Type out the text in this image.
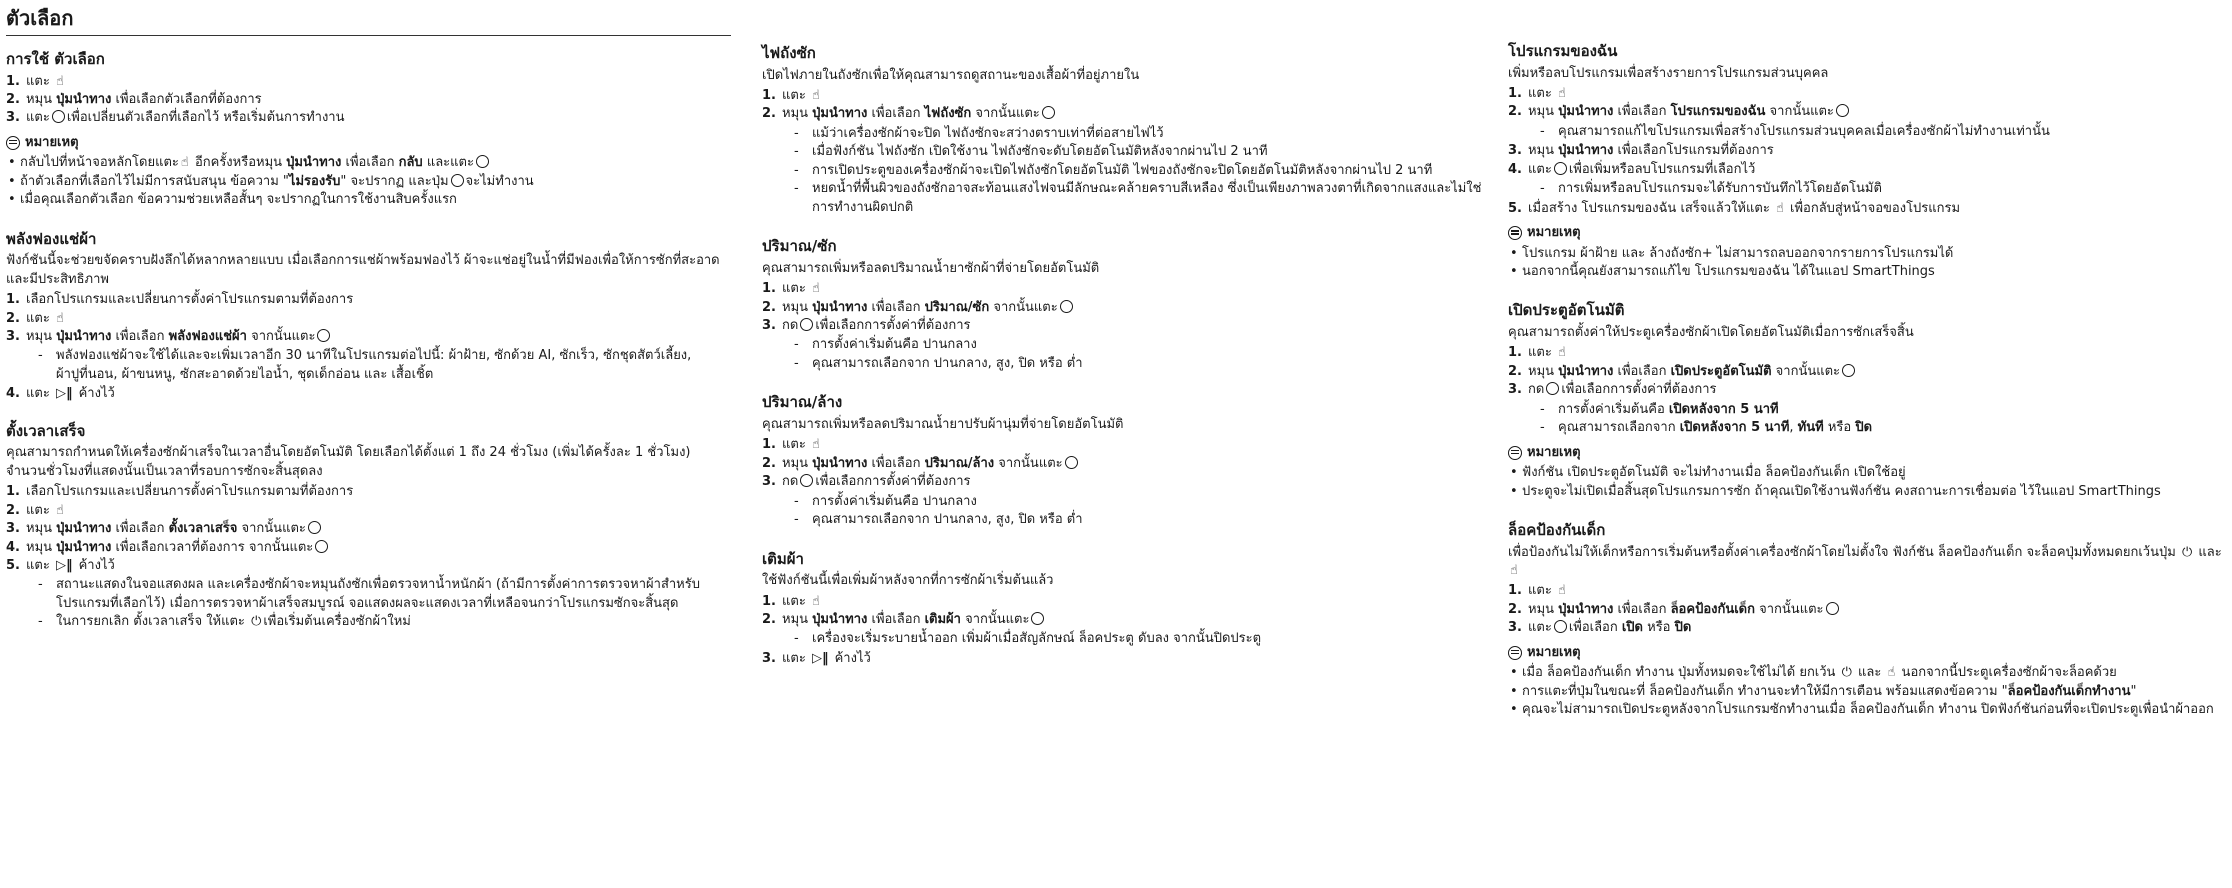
ตัวเลือก
การใช้ ตัวเลือก
1. แตะ ☝
2. หมุน ปุ่มนำทาง เพื่อเลือกตัวเลือกที่ต้องการ
3. แตะ เพื่อเปลี่ยนตัวเลือกที่เลือกไว้ หรือเริ่มต้นการทำงาน
หมายเหตุ
• กลับไปที่หน้าจอหลักโดยแตะ ☝ อีกครั้งหรือหมุน ปุ่มนำทาง เพื่อเลือก กลับ และแตะ
• ถ้าตัวเลือกที่เลือกไว้ไม่มีการสนับสนุน ข้อความ "ไม่รองรับ" จะปรากฏ และปุ่ม จะไม่ทำงาน
• เมื่อคุณเลือกตัวเลือก ข้อความช่วยเหลือสั้นๆ จะปรากฏในการใช้งานสิบครั้งแรก
พลังฟองแช่ผ้า

ฟังก์ชันนี้จะช่วยขจัดคราบฝังลึกได้หลากหลายแบบ เมื่อเลือกการแช่ผ้าพร้อมฟองไว้ ผ้าจะแช่อยู่ในน้ำที่มีฟองเพื่อให้การซักที่สะอาดและมีประสิทธิภาพ

1. เลือกโปรแกรมและเปลี่ยนการตั้งค่าโปรแกรมตามที่ต้องการ
2. แตะ ☝
3. หมุน ปุ่มนำทาง เพื่อเลือก พลังฟองแช่ผ้า จากนั้นแตะ
- พลังฟองแช่ผ้าจะใช้ได้และจะเพิ่มเวลาอีก 30 นาทีในโปรแกรมต่อไปนี้: ผ้าฝ้าย, ซักด้วย AI, ซักเร็ว, ซักชุดสัตว์เลี้ยง, ผ้าปูที่นอน, ผ้าขนหนู, ซักสะอาดด้วยไอน้ำ, ชุดเด็กอ่อน และ เสื้อเชิ้ต
4. แตะ ▷‖ ค้างไว้
ตั้งเวลาเสร็จ

คุณสามารถกำหนดให้เครื่องซักผ้าเสร็จในเวลาอื่นโดยอัตโนมัติ โดยเลือกได้ตั้งแต่ 1 ถึง 24 ชั่วโมง (เพิ่มได้ครั้งละ 1 ชั่วโมง) จำนวนชั่วโมงที่แสดงนั้นเป็นเวลาที่รอบการซักจะสิ้นสุดลง

1. เลือกโปรแกรมและเปลี่ยนการตั้งค่าโปรแกรมตามที่ต้องการ
2. แตะ ☝
3. หมุน ปุ่มนำทาง เพื่อเลือก ตั้งเวลาเสร็จ จากนั้นแตะ
4. หมุน ปุ่มนำทาง เพื่อเลือกเวลาที่ต้องการ จากนั้นแตะ
5. แตะ ▷‖ ค้างไว้
- สถานะแสดงในจอแสดงผล และเครื่องซักผ้าจะหมุนถังซักเพื่อตรวจหาน้ำหนักผ้า (ถ้ามีการตั้งค่าการตรวจหาผ้าสำหรับโปรแกรมที่เลือกไว้) เมื่อการตรวจหาผ้าเสร็จสมบูรณ์ จอแสดงผลจะแสดงเวลาที่เหลือจนกว่าโปรแกรมซักจะสิ้นสุด
- ในการยกเลิก ตั้งเวลาเสร็จ ให้แตะ ⏻ เพื่อเริ่มต้นเครื่องซักผ้าใหม่
ไฟถังซัก

เปิดไฟภายในถังซักเพื่อให้คุณสามารถดูสถานะของเสื้อผ้าที่อยู่ภายใน

1. แตะ ☝
2. หมุน ปุ่มนำทาง เพื่อเลือก ไฟถังซัก จากนั้นแตะ
- แม้ว่าเครื่องซักผ้าจะปิด ไฟถังซักจะสว่างตราบเท่าที่ต่อสายไฟไว้
- เมื่อฟังก์ชัน ไฟถังซัก เปิดใช้งาน ไฟถังซักจะดับโดยอัตโนมัติหลังจากผ่านไป 2 นาที
- การเปิดประตูของเครื่องซักผ้าจะเปิดไฟถังซักโดยอัตโนมัติ ไฟของถังซักจะปิดโดยอัตโนมัติหลังจากผ่านไป 2 นาที
- หยดน้ำที่พื้นผิวของถังซักอาจสะท้อนแสงไฟจนมีลักษณะคล้ายคราบสีเหลือง ซึ่งเป็นเพียงภาพลวงตาที่เกิดจากแสงและไม่ใช่การทำงานผิดปกติ
ปริมาณ/ซัก

คุณสามารถเพิ่มหรือลดปริมาณน้ำยาซักผ้าที่จ่ายโดยอัตโนมัติ

1. แตะ ☝
2. หมุน ปุ่มนำทาง เพื่อเลือก ปริมาณ/ซัก จากนั้นแตะ
3. กด เพื่อเลือกการตั้งค่าที่ต้องการ
- การตั้งค่าเริ่มต้นคือ ปานกลาง
- คุณสามารถเลือกจาก ปานกลาง, สูง, ปิด หรือ ต่ำ
ปริมาณ/ล้าง

คุณสามารถเพิ่มหรือลดปริมาณน้ำยาปรับผ้านุ่มที่จ่ายโดยอัตโนมัติ

1. แตะ ☝
2. หมุน ปุ่มนำทาง เพื่อเลือก ปริมาณ/ล้าง จากนั้นแตะ
3. กด เพื่อเลือกการตั้งค่าที่ต้องการ
- การตั้งค่าเริ่มต้นคือ ปานกลาง
- คุณสามารถเลือกจาก ปานกลาง, สูง, ปิด หรือ ต่ำ
เติมผ้า

ใช้ฟังก์ชันนี้เพื่อเพิ่มผ้าหลังจากที่การซักผ้าเริ่มต้นแล้ว

1. แตะ ☝
2. หมุน ปุ่มนำทาง เพื่อเลือก เติมผ้า จากนั้นแตะ
- เครื่องจะเริ่มระบายน้ำออก เพิ่มผ้าเมื่อสัญลักษณ์ ล็อคประตู ดับลง จากนั้นปิดประตู
3. แตะ ▷‖ ค้างไว้
โปรแกรมของฉัน

เพิ่มหรือลบโปรแกรมเพื่อสร้างรายการโปรแกรมส่วนบุคคล

1. แตะ ☝
2. หมุน ปุ่มนำทาง เพื่อเลือก โปรแกรมของฉัน จากนั้นแตะ
- คุณสามารถแก้ไขโปรแกรมเพื่อสร้างโปรแกรมส่วนบุคคลเมื่อเครื่องซักผ้าไม่ทำงานเท่านั้น
3. หมุน ปุ่มนำทาง เพื่อเลือกโปรแกรมที่ต้องการ
4. แตะ เพื่อเพิ่มหรือลบโปรแกรมที่เลือกไว้
- การเพิ่มหรือลบโปรแกรมจะได้รับการบันทึกไว้โดยอัตโนมัติ
5. เมื่อสร้าง โปรแกรมของฉัน เสร็จแล้วให้แตะ ☝ เพื่อกลับสู่หน้าจอของโปรแกรม
หมายเหตุ
• โปรแกรม ผ้าฝ้าย และ ล้างถังซัก+ ไม่สามารถลบออกจากรายการโปรแกรมได้
• นอกจากนี้คุณยังสามารถแก้ไข โปรแกรมของฉัน ได้ในแอป SmartThings
เปิดประตูอัตโนมัติ

คุณสามารถตั้งค่าให้ประตูเครื่องซักผ้าเปิดโดยอัตโนมัติเมื่อการซักเสร็จสิ้น

1. แตะ ☝
2. หมุน ปุ่มนำทาง เพื่อเลือก เปิดประตูอัตโนมัติ จากนั้นแตะ
3. กด เพื่อเลือกการตั้งค่าที่ต้องการ
- การตั้งค่าเริ่มต้นคือ เปิดหลังจาก 5 นาที
- คุณสามารถเลือกจาก เปิดหลังจาก 5 นาที, ทันที หรือ ปิด
หมายเหตุ
• ฟังก์ชัน เปิดประตูอัตโนมัติ จะไม่ทำงานเมื่อ ล็อคป้องกันเด็ก เปิดใช้อยู่
• ประตูจะไม่เปิดเมื่อสิ้นสุดโปรแกรมการซัก ถ้าคุณเปิดใช้งานฟังก์ชัน คงสถานะการเชื่อมต่อ ไว้ในแอป SmartThings
ล็อคป้องกันเด็ก

เพื่อป้องกันไม่ให้เด็กหรือการเริ่มต้นหรือตั้งค่าเครื่องซักผ้าโดยไม่ตั้งใจ ฟังก์ชัน ล็อคป้องกันเด็ก จะล็อคปุ่มทั้งหมดยกเว้นปุ่ม ⏻ และ ☝

1. แตะ ☝
2. หมุน ปุ่มนำทาง เพื่อเลือก ล็อคป้องกันเด็ก จากนั้นแตะ
3. แตะ เพื่อเลือก เปิด หรือ ปิด
หมายเหตุ
• เมื่อ ล็อคป้องกันเด็ก ทำงาน ปุ่มทั้งหมดจะใช้ไม่ได้ ยกเว้น ⏻ และ ☝ นอกจากนี้ประตูเครื่องซักผ้าจะล็อคด้วย
• การแตะที่ปุ่มในขณะที่ ล็อคป้องกันเด็ก ทำงานจะทำให้มีการเตือน พร้อมแสดงข้อความ "ล็อคป้องกันเด็กทำงาน"
• คุณจะไม่สามารถเปิดประตูหลังจากโปรแกรมซักทำงานเมื่อ ล็อคป้องกันเด็ก ทำงาน ปิดฟังก์ชันก่อนที่จะเปิดประตูเพื่อนำผ้าออก
